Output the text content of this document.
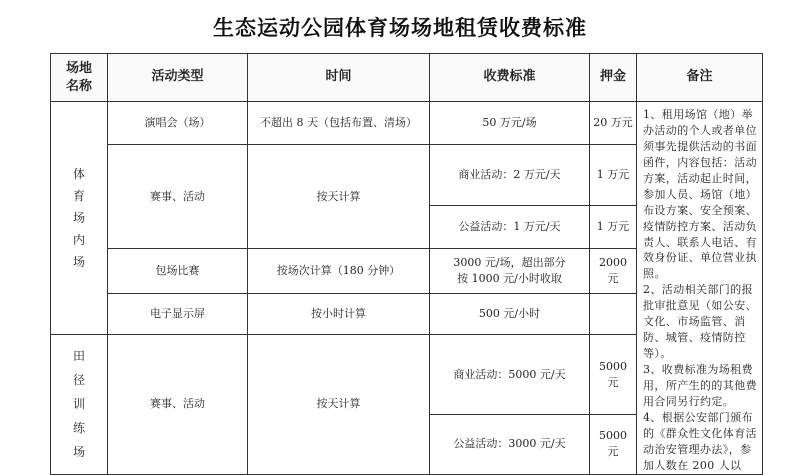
生态运动公园体育场场地租赁收费标准
场地名称	活动类型	时间	收费标准	押金	备注
体育场内场	演唱会（场）	不超出 8 天（包括布置、清场）	50 万元/场	20 万元	1、租用场馆（地）举办活动的个人或者单位须事先提供活动的书面函件，内容包括：活动方案，活动起止时间，参加人员、场馆（地）布设方案、安全预案、疫情防控方案、活动负责人、联系人电话、有效身份证、单位营业执照。
2、活动相关部门的报批审批意见（如公安、文化、市场监管、消防、城管、疫情防控等）。
3、收费标准为场租费用，所产生的的其他费用合同另行约定。
4、根据公安部门颁布的《群众性文化体育活动治安管理办法》，参加人数在 200 人以

	赛事、活动	按天计算	商业活动：2 万元/天	1 万元	
			公益活动：1 万元/天	1 万元	
	包场比赛	按场次计算（180 分钟）	3000 元/场，超出部分
按 1000 元/小时收取	2000 元	
	电子显示屏	按小时计算	500 元/小时		
田径训练场	赛事、活动	按天计算	商业活动：5000 元/天	5000 元	
			公益活动：3000 元/天	5000 元	
